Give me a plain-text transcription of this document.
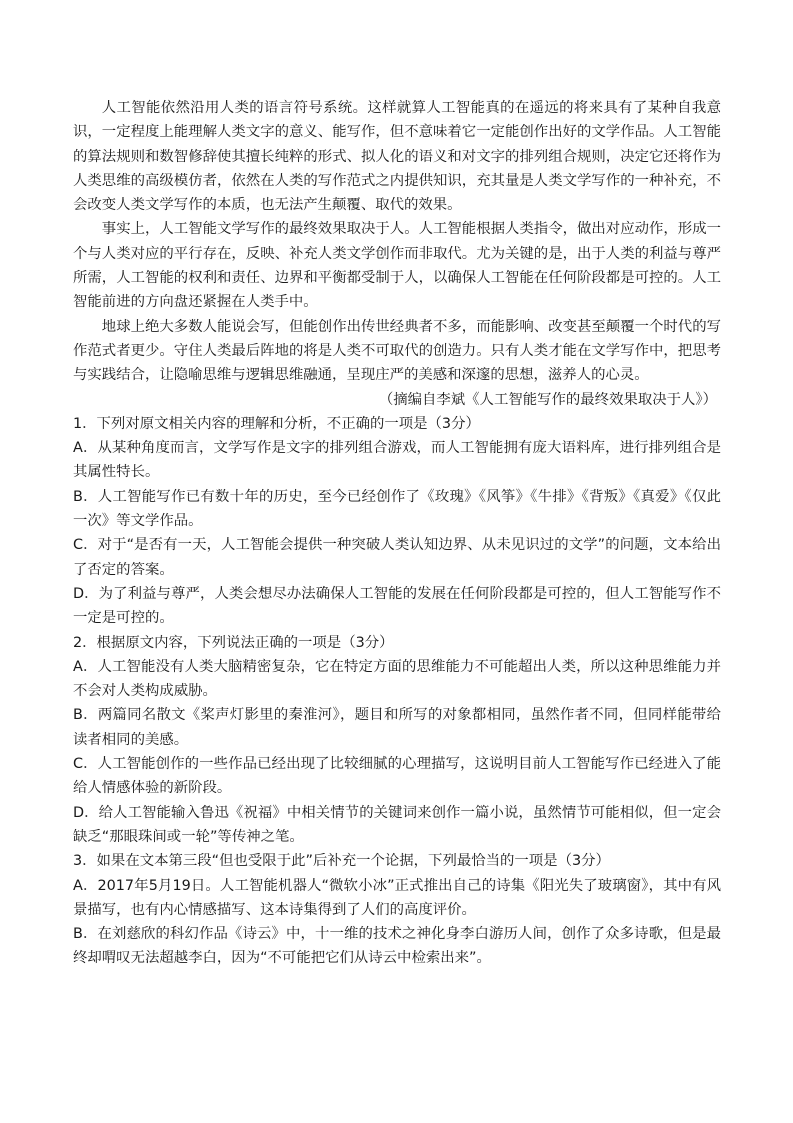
人工智能依然沿用人类的语言符号系统。这样就算人工智能真的在遥远的将来具有了某种自我意识，一定程度上能理解人类文字的意义、能写作，但不意味着它一定能创作出好的文学作品。人工智能的算法规则和数智修辞使其擅长纯粹的形式、拟人化的语义和对文字的排列组合规则，决定它还将作为人类思维的高级模仿者，依然在人类的写作范式之内提供知识，充其量是人类文学写作的一种补充，不会改变人类文学写作的本质，也无法产生颠覆、取代的效果。

事实上，人工智能文学写作的最终效果取决于人。人工智能根据人类指令，做出对应动作，形成一个与人类对应的平行存在，反映、补充人类文学创作而非取代。尤为关键的是，出于人类的利益与尊严所需，人工智能的权利和责任、边界和平衡都受制于人，以确保人工智能在任何阶段都是可控的。人工智能前进的方向盘还紧握在人类手中。

地球上绝大多数人能说会写，但能创作出传世经典者不多，而能影响、改变甚至颠覆一个时代的写作范式者更少。守住人类最后阵地的将是人类不可取代的创造力。只有人类才能在文学写作中，把思考与实践结合，让隐喻思维与逻辑思维融通，呈现庄严的美感和深邃的思想，滋养人的心灵。

（摘编自李斌《人工智能写作的最终效果取决于人》）

1．下列对原文相关内容的理解和分析，不正确的一项是（3分）

A．从某种角度而言，文学写作是文字的排列组合游戏，而人工智能拥有庞大语料库，进行排列组合是其属性特长。

B．人工智能写作已有数十年的历史，至今已经创作了《玫瑰》《风筝》《牛排》《背叛》《真爱》《仅此一次》等文学作品。

C．对于“是否有一天，人工智能会提供一种突破人类认知边界、从未见识过的文学”的问题，文本给出了否定的答案。

D．为了利益与尊严，人类会想尽办法确保人工智能的发展在任何阶段都是可控的，但人工智能写作不一定是可控的。

2．根据原文内容，下列说法正确的一项是（3分）

A．人工智能没有人类大脑精密复杂，它在特定方面的思维能力不可能超出人类，所以这种思维能力并不会对人类构成威胁。

B．两篇同名散文《桨声灯影里的秦淮河》，题目和所写的对象都相同，虽然作者不同，但同样能带给读者相同的美感。

C．人工智能创作的一些作品已经出现了比较细腻的心理描写，这说明目前人工智能写作已经进入了能给人情感体验的新阶段。

D．给人工智能输入鲁迅《祝福》中相关情节的关键词来创作一篇小说，虽然情节可能相似，但一定会缺乏“那眼珠间或一轮”等传神之笔。

3．如果在文本第三段“但也受限于此”后补充一个论据，下列最恰当的一项是（3分）

A．2017年5月19日。人工智能机器人“微软小冰”正式推出自己的诗集《阳光失了玻璃窗》，其中有风景描写，也有内心情感描写、这本诗集得到了人们的高度评价。

B．在刘慈欣的科幻作品《诗云》中，十一维的技术之神化身李白游历人间，创作了众多诗歌，但是最终却喟叹无法超越李白，因为“不可能把它们从诗云中检索出来”。
